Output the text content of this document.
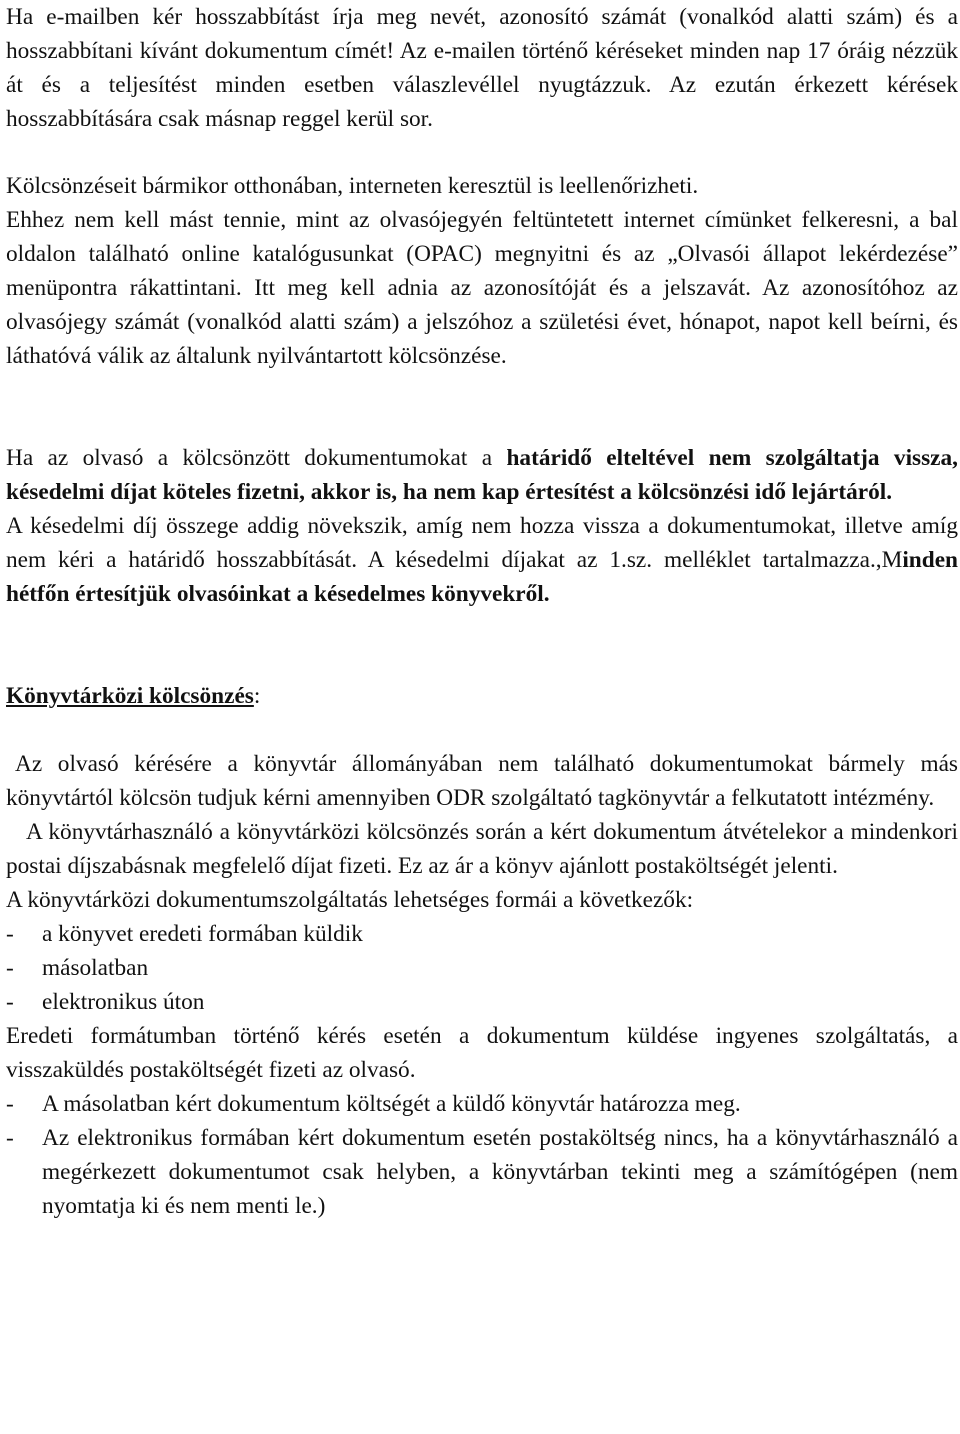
Ha e-mailben kér hosszabbítást írja meg nevét, azonosító számát (vonalkód alatti szám) és a hosszabbítani kívánt dokumentum címét! Az e-mailen történő kéréseket minden nap 17 óráig nézzük át és a teljesítést minden esetben válaszlevéllel nyugtázzuk. Az ezután érkezett kérések hosszabbítására csak másnap reggel kerül sor.

Kölcsönzéseit bármikor otthonában, interneten keresztül is leellenőrizheti.

Ehhez nem kell mást tennie, mint az olvasójegyén feltüntetett internet címünket felkeresni, a bal oldalon található online katalógusunkat (OPAC) megnyitni és az „Olvasói állapot lekérdezése” menüpontra rákattintani. Itt meg kell adnia az azonosítóját és a jelszavát. Az azonosítóhoz az olvasójegy számát (vonalkód alatti szám) a jelszóhoz a születési évet, hónapot, napot kell beírni, és láthatóvá válik az általunk nyilvántartott kölcsönzése.

Ha az olvasó a kölcsönzött dokumentumokat a határidő elteltével nem szolgáltatja vissza, késedelmi díjat köteles fizetni, akkor is, ha nem kap értesítést a kölcsönzési idő lejártáról.

A késedelmi díj összege addig növekszik, amíg nem hozza vissza a dokumentumokat, illetve amíg nem kéri a határidő hosszabbítását. A késedelmi díjakat az 1.sz. melléklet tartalmazza.,Minden hétfőn értesítjük olvasóinkat a késedelmes könyvekről.

Könyvtárközi kölcsönzés:

Az olvasó kérésére a könyvtár állományában nem található dokumentumokat bármely más könyvtártól kölcsön tudjuk kérni amennyiben ODR szolgáltató tagkönyvtár a felkutatott intézmény.

A könyvtárhasználó a könyvtárközi kölcsönzés során a kért dokumentum átvételekor a mindenkori postai díjszabásnak megfelelő díjat fizeti. Ez az ár a könyv ajánlott postaköltségét jelenti.

A könyvtárközi dokumentumszolgáltatás lehetséges formái a következők:

- a könyvet eredeti formában küldik

- másolatban

- elektronikus úton

Eredeti formátumban történő kérés esetén a dokumentum küldése ingyenes szolgáltatás, a visszaküldés postaköltségét fizeti az olvasó.

- A másolatban kért dokumentum költségét a küldő könyvtár határozza meg.

- Az elektronikus formában kért dokumentum esetén postaköltség nincs, ha a könyvtárhasználó a megérkezett dokumentumot csak helyben, a könyvtárban tekinti meg a számítógépen (nem nyomtatja ki és nem menti le.)
